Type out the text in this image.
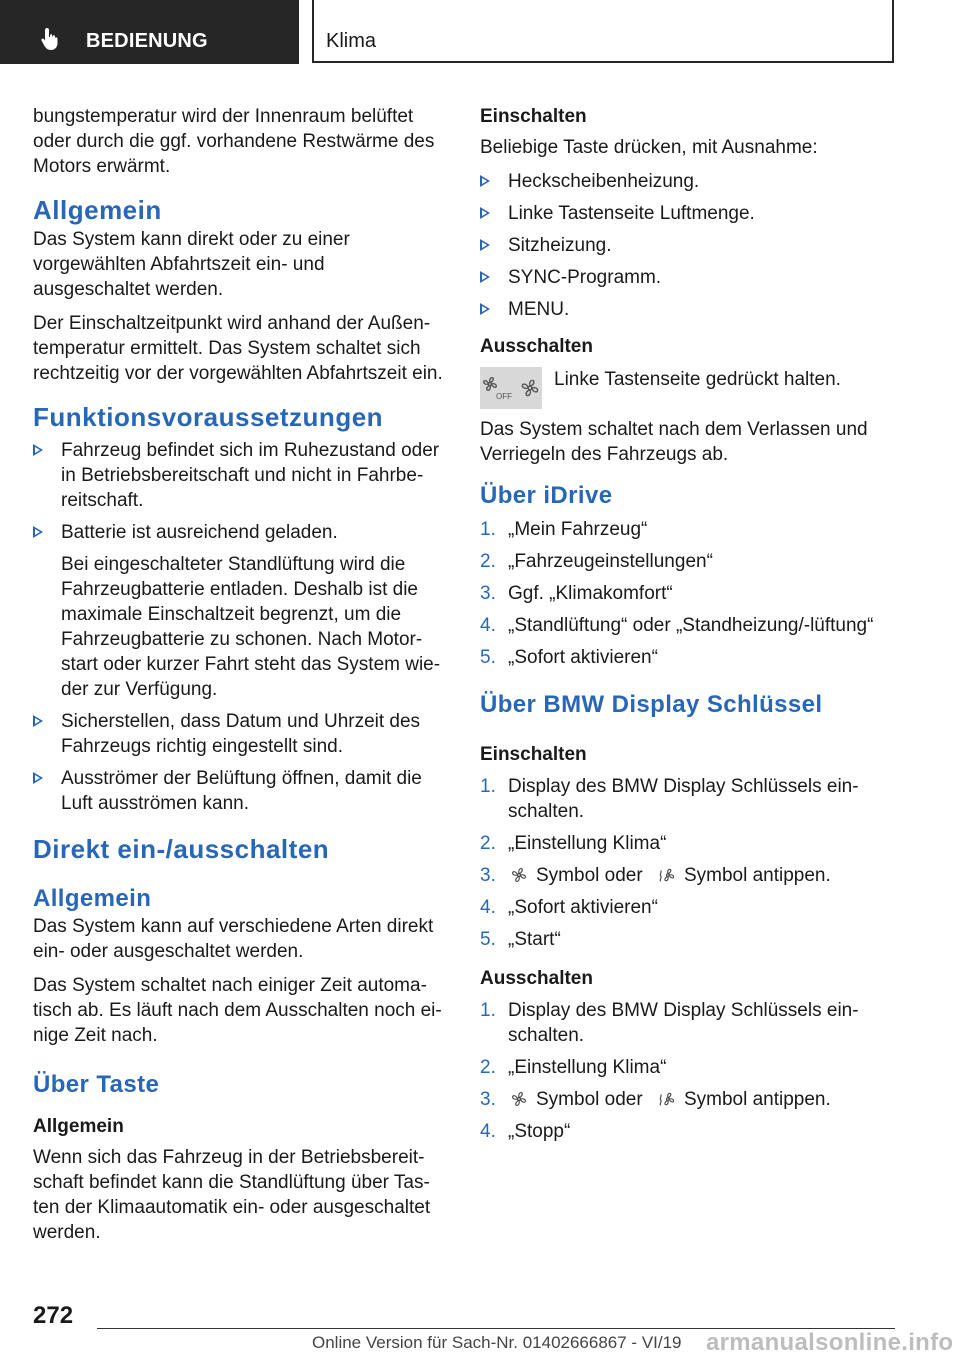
BEDIENUNG	Klima

bungstemperatur wird der Innenraum belüftet oder durch die ggf. vorhandene Restwärme des Motors erwärmt.

Allgemein

Das System kann direkt oder zu einer vorgewählten Abfahrtszeit ein- und ausgeschaltet werden.

Der Einschaltzeitpunkt wird anhand der Außentemperatur ermittelt. Das System schaltet sich rechtzeitig vor der vorgewählten Abfahrtszeit ein.

Funktionsvoraussetzungen
Fahrzeug befindet sich im Ruhezustand oder in Betriebsbereitschaft und nicht in Fahrbereitschaft.
Batterie ist ausreichend geladen.

Bei eingeschalteter Standlüftung wird die Fahrzeugbatterie entladen. Deshalb ist die maximale Einschaltzeit begrenzt, um die Fahrzeugbatterie zu schonen. Nach Motorstart oder kurzer Fahrt steht das System wieder zur Verfügung.

Sicherstellen, dass Datum und Uhrzeit des Fahrzeugs richtig eingestellt sind.
Ausströmer der Belüftung öffnen, damit die Luft ausströmen kann.
Direkt ein-/ausschalten
Allgemein

Das System kann auf verschiedene Arten direkt ein- oder ausgeschaltet werden.

Das System schaltet nach einiger Zeit automatisch ab. Es läuft nach dem Ausschalten noch einige Zeit nach.

Über Taste
Allgemein

Wenn sich das Fahrzeug in der Betriebsbereitschaft befindet kann die Standlüftung über Tasten der Klimaautomatik ein- oder ausgeschaltet werden.

Einschalten

Beliebige Taste drücken, mit Ausnahme:

Heckscheibenheizung.
Linke Tastenseite Luftmenge.
Sitzheizung.
SYNC-Programm.
MENU.
Ausschalten
OFF

Linke Tastenseite gedrückt halten.

Das System schaltet nach dem Verlassen und Verriegeln des Fahrzeugs ab.

Über iDrive
1. „Mein Fahrzeug“
2. „Fahrzeugeinstellungen“
3. Ggf. „Klimakomfort“
4. „Standlüftung“ oder „Standheizung/-lüftung“
5. „Sofort aktivieren“
Über BMW Display Schlüssel
Einschalten
1. Display des BMW Display Schlüssels einschalten.
2. „Einstellung Klima“
3. Symbol oder Symbol antippen.
4. „Sofort aktivieren“
5. „Start“
Ausschalten
1. Display des BMW Display Schlüssels einschalten.
2. „Einstellung Klima“
3. Symbol oder Symbol antippen.
4. „Stopp“
272
Online Version für Sach-Nr. 01402666867 - VI/19 armanualsonline.info
